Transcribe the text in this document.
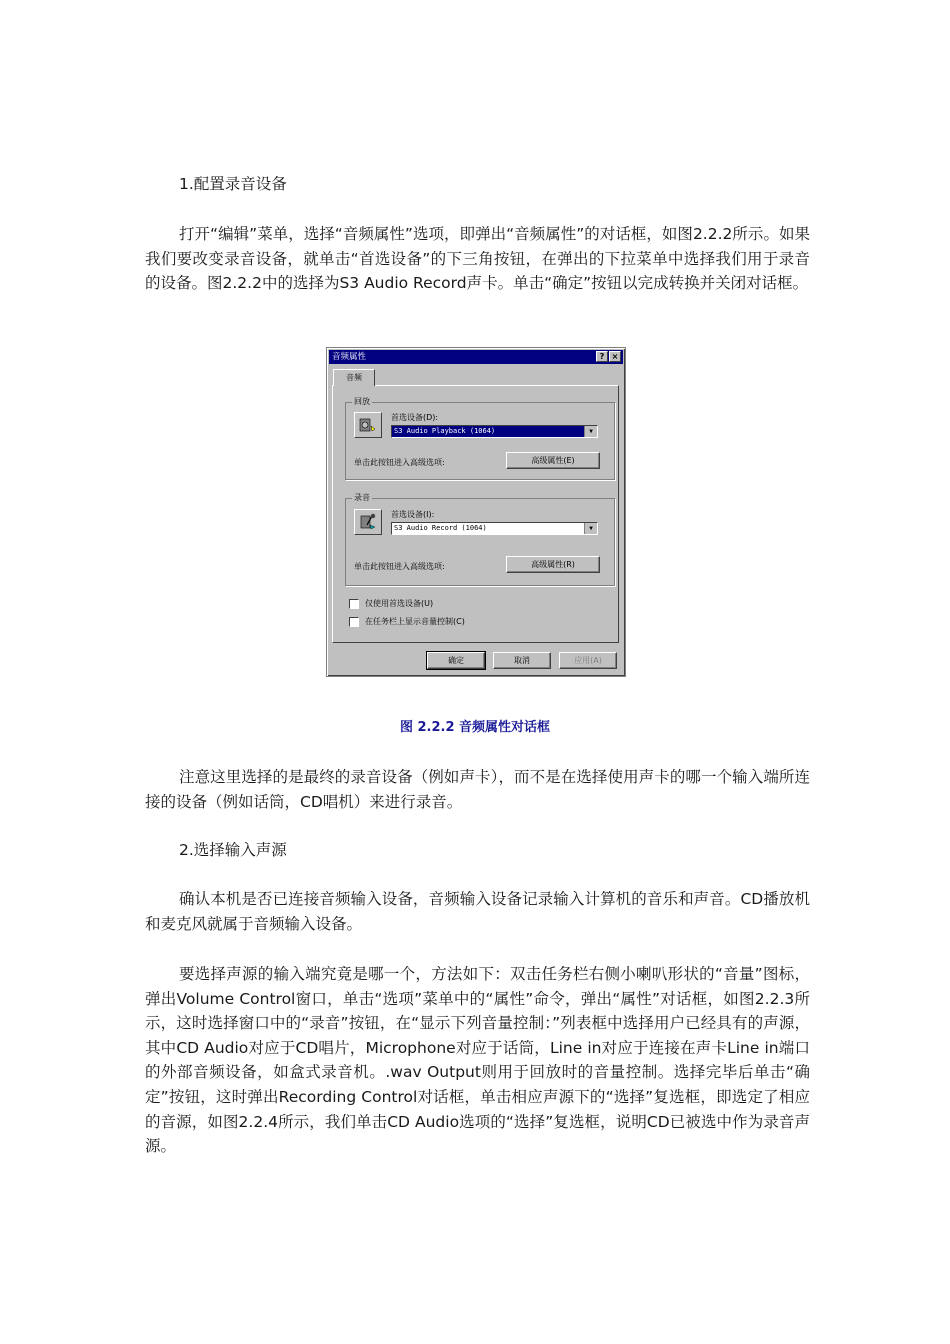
1.配置录音设备

打开“编辑”菜单，选择“音频属性”选项，即弹出“音频属性”的对话框，如图2.2.2所示。如果我们要改变录音设备，就单击“首选设备”的下三角按钮，在弹出的下拉菜单中选择我们用于录音的设备。图2.2.2中的选择为S3 Audio Record声卡。单击“确定”按钮以完成转换并关闭对话框。

音频属性	? ×
音频
回放
首选设备(D):
S3 Audio Playback (1064)	▼
单击此按钮进入高级选项:	高级属性(E)
录音
首选设备(I):
S3 Audio Record (1064)	▼
单击此按钮进入高级选项:	高级属性(R)
仅使用首选设备(U)
在任务栏上显示音量控制(C)
确定	取消	应用(A)
图 2.2.2 音频属性对话框

注意这里选择的是最终的录音设备（例如声卡），而不是在选择使用声卡的哪一个输入端所连接的设备（例如话筒，CD唱机）来进行录音。

2.选择输入声源

确认本机是否已连接音频输入设备，音频输入设备记录输入计算机的音乐和声音。CD播放机和麦克风就属于音频输入设备。

要选择声源的输入端究竟是哪一个，方法如下：双击任务栏右侧小喇叭形状的“音量”图标，弹出Volume Control窗口，单击“选项”菜单中的“属性”命令，弹出“属性”对话框，如图2.2.3所示，这时选择窗口中的“录音”按钮，在“显示下列音量控制：”列表框中选择用户已经具有的声源，其中CD Audio对应于CD唱片，Microphone对应于话筒，Line in对应于连接在声卡Line in端口的外部音频设备，如盒式录音机。.wav Output则用于回放时的音量控制。选择完毕后单击“确定”按钮，这时弹出Recording Control对话框，单击相应声源下的“选择”复选框，即选定了相应的音源，如图2.2.4所示，我们单击CD Audio选项的“选择”复选框，说明CD已被选中作为录音声源。
